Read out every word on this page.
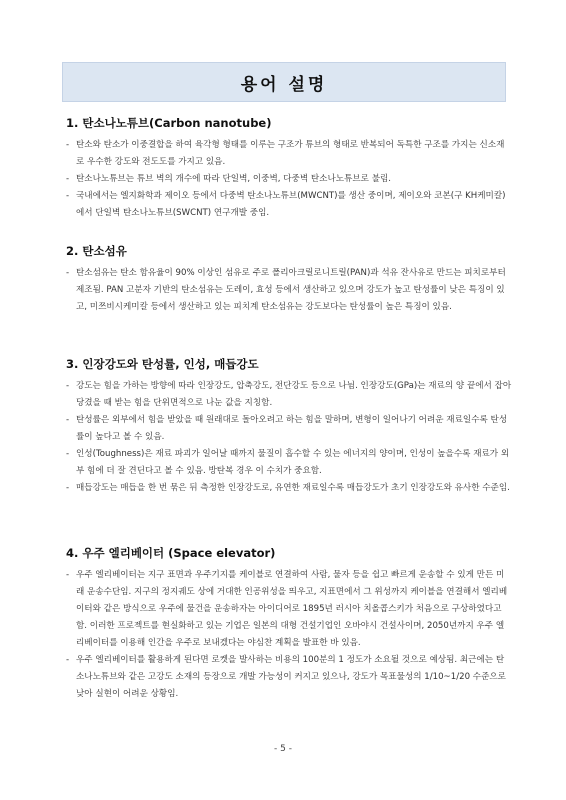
용어 설명
1. 탄소나노튜브(Carbon nanotube)
- 탄소와 탄소가 이중결합을 하여 육각형 형태를 이루는 구조가 튜브의 형태로 반복되어 독특한 구조를 가지는 신소재로 우수한 강도와 전도도를 가지고 있음.
- 탄소나노튜브는 튜브 벽의 개수에 따라 단일벽, 이중벽, 다중벽 탄소나노튜브로 불림.
- 국내에서는 엘지화학과 제이오 등에서 다중벽 탄소나노튜브(MWCNT)를 생산 중이며, 제이오와 코본(구 KH케미칼)에서 단일벽 탄소나노튜브(SWCNT) 연구개발 중임.
2. 탄소섬유
- 탄소섬유는 탄소 함유율이 90% 이상인 섬유로 주로 폴리아크릴로니트릴(PAN)과 석유 잔사유로 만드는 피치로부터 제조됨. PAN 고분자 기반의 탄소섬유는 도레이, 효성 등에서 생산하고 있으며 강도가 높고 탄성률이 낮은 특징이 있고, 미쯔비시케미칼 등에서 생산하고 있는 피치계 탄소섬유는 강도보다는 탄성률이 높은 특징이 있음.
3. 인장강도와 탄성률, 인성, 매듭강도
- 강도는 힘을 가하는 방향에 따라 인장강도, 압축강도, 전단강도 등으로 나뉨. 인장강도(GPa)는 재료의 양 끝에서 잡아당겼을 때 받는 힘을 단위면적으로 나눈 값을 지칭함.
- 탄성률은 외부에서 힘을 받았을 때 원래대로 돌아오려고 하는 힘을 말하며, 변형이 일어나기 어려운 재료일수록 탄성률이 높다고 볼 수 있음.
- 인성(Toughness)은 재료 파괴가 일어날 때까지 물질이 흡수할 수 있는 에너지의 양이며, 인성이 높을수록 재료가 외부 힘에 더 잘 견딘다고 볼 수 있음. 방탄복 경우 이 수치가 중요함.
- 매듭강도는 매듭을 한 번 묶은 뒤 측정한 인장강도로, 유연한 재료일수록 매듭강도가 초기 인장강도와 유사한 수준임.
4. 우주 엘리베이터 (Space elevator)
- 우주 엘리베이터는 지구 표면과 우주기지를 케이블로 연결하여 사람, 물자 등을 쉽고 빠르게 운송할 수 있게 만든 미래 운송수단임. 지구의 정지궤도 상에 거대한 인공위성을 띄우고, 지표면에서 그 위성까지 케이블을 연결해서 엘리베이터와 같은 방식으로 우주에 물건을 운송하자는 아이디어로 1895년 러시아 치올콥스키가 처음으로 구상하였다고 함. 이러한 프로젝트를 현실화하고 있는 기업은 일본의 대형 건설기업인 오바야시 건설사이며, 2050년까지 우주 엘리베이터를 이용해 인간을 우주로 보내겠다는 야심찬 계획을 발표한 바 있음.
- 우주 엘리베이터를 활용하게 된다면 로켓을 발사하는 비용의 100분의 1 정도가 소요될 것으로 예상됨. 최근에는 탄소나노튜브와 같은 고강도 소재의 등장으로 개발 가능성이 커지고 있으나, 강도가 목표물성의 1/10~1/20 수준으로 낮아 실현이 어려운 상황임.
- 5 -
